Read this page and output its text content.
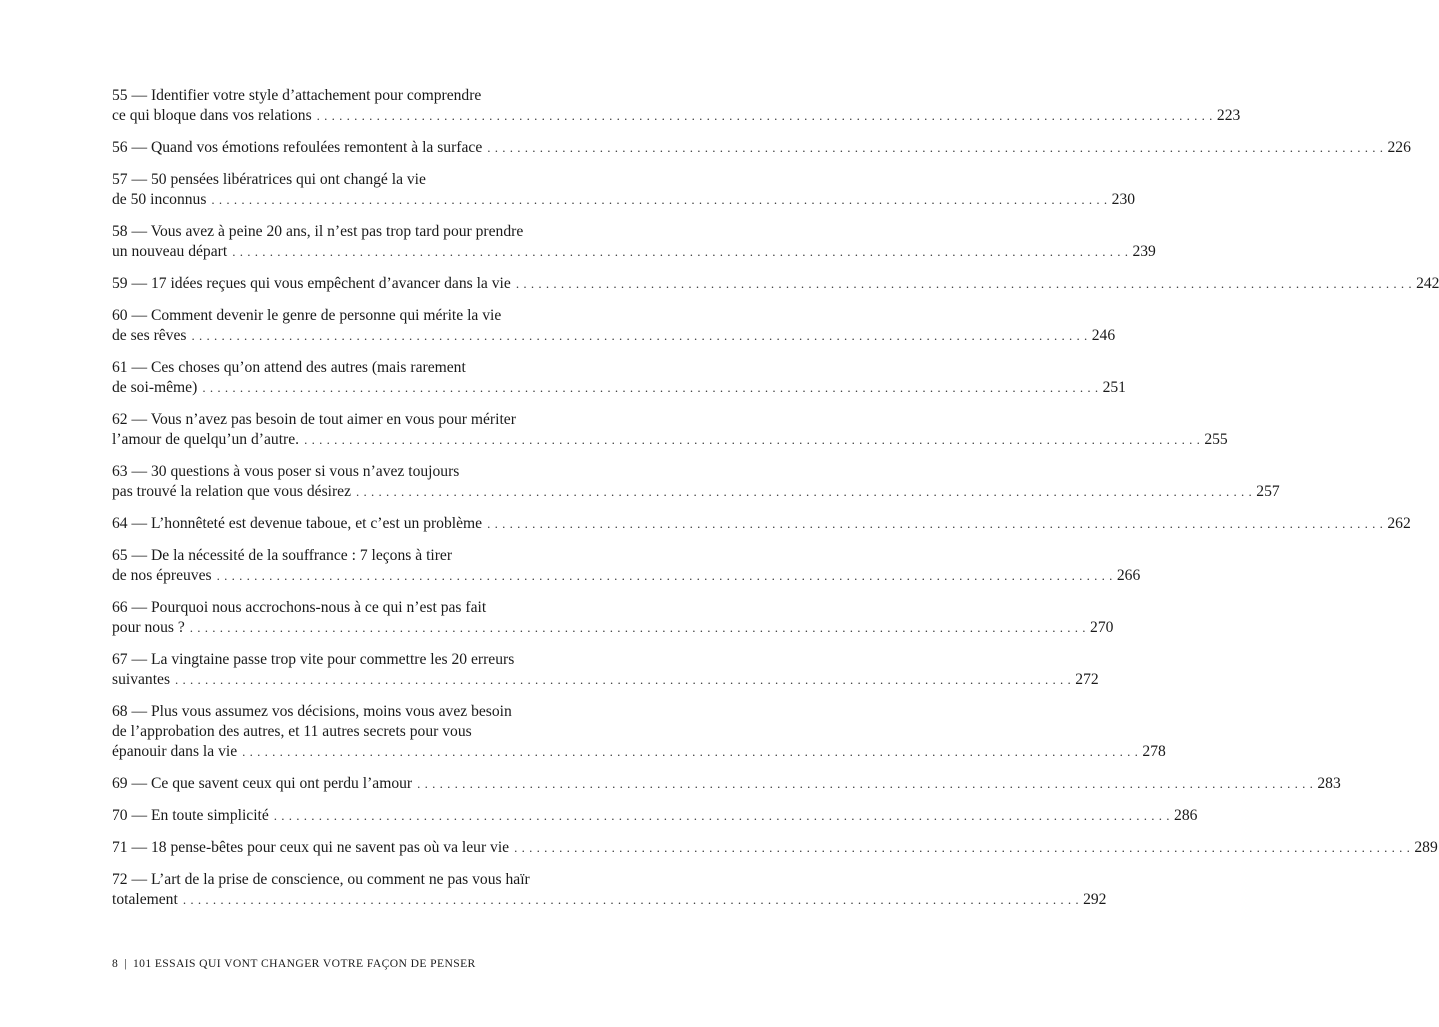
55 — Identifier votre style d’attachement pour comprendre
ce qui bloque dans vos relations . . . . . . . . . . . . . . . . . . . . . . . . . . . . . . . . . . . . . . . . . . . . . . . . . . . . . . . . . . . . . . . . . . . . . . . . . . . . . . . . . . . . . . . . . . . . . . . . . . . . . . . . . . . . . . . . . . . . . . . . 223
56 — Quand vos émotions refoulées remontent à la surface . . . . . . . . . . . . . . . . . . . . . . . . . . . . . . . . . . . . . . . . . . . . . . . . . . . . . . . . . . . . . . . . . . . . . . . . . . . . . . . . . . . . . . . . . . . . . . . . . . . . . . . . . . . . . . . . . . . . . . . . 226
57 — 50 pensées libératrices qui ont changé la vie
de 50 inconnus . . . . . . . . . . . . . . . . . . . . . . . . . . . . . . . . . . . . . . . . . . . . . . . . . . . . . . . . . . . . . . . . . . . . . . . . . . . . . . . . . . . . . . . . . . . . . . . . . . . . . . . . . . . . . . . . . . . . . . . . 230
58 — Vous avez à peine 20 ans, il n’est pas trop tard pour prendre
un nouveau départ . . . . . . . . . . . . . . . . . . . . . . . . . . . . . . . . . . . . . . . . . . . . . . . . . . . . . . . . . . . . . . . . . . . . . . . . . . . . . . . . . . . . . . . . . . . . . . . . . . . . . . . . . . . . . . . . . . . . . . . . 239
59 — 17 idées reçues qui vous empêchent d’avancer dans la vie . . . . . . . . . . . . . . . . . . . . . . . . . . . . . . . . . . . . . . . . . . . . . . . . . . . . . . . . . . . . . . . . . . . . . . . . . . . . . . . . . . . . . . . . . . . . . . . . . . . . . . . . . . . . . . . . . . . . . . . . 242
60 — Comment devenir le genre de personne qui mérite la vie
de ses rêves . . . . . . . . . . . . . . . . . . . . . . . . . . . . . . . . . . . . . . . . . . . . . . . . . . . . . . . . . . . . . . . . . . . . . . . . . . . . . . . . . . . . . . . . . . . . . . . . . . . . . . . . . . . . . . . . . . . . . . . . 246
61 — Ces choses qu’on attend des autres (mais rarement
de soi-même) . . . . . . . . . . . . . . . . . . . . . . . . . . . . . . . . . . . . . . . . . . . . . . . . . . . . . . . . . . . . . . . . . . . . . . . . . . . . . . . . . . . . . . . . . . . . . . . . . . . . . . . . . . . . . . . . . . . . . . . . 251
62 — Vous n’avez pas besoin de tout aimer en vous pour mériter
l’amour de quelqu’un d’autre. . . . . . . . . . . . . . . . . . . . . . . . . . . . . . . . . . . . . . . . . . . . . . . . . . . . . . . . . . . . . . . . . . . . . . . . . . . . . . . . . . . . . . . . . . . . . . . . . . . . . . . . . . . . . . . . . . . . . . . . . 255
63 — 30 questions à vous poser si vous n’avez toujours
pas trouvé la relation que vous désirez . . . . . . . . . . . . . . . . . . . . . . . . . . . . . . . . . . . . . . . . . . . . . . . . . . . . . . . . . . . . . . . . . . . . . . . . . . . . . . . . . . . . . . . . . . . . . . . . . . . . . . . . . . . . . . . . . . . . . . . . 257
64 — L’honnêteté est devenue taboue, et c’est un problème . . . . . . . . . . . . . . . . . . . . . . . . . . . . . . . . . . . . . . . . . . . . . . . . . . . . . . . . . . . . . . . . . . . . . . . . . . . . . . . . . . . . . . . . . . . . . . . . . . . . . . . . . . . . . . . . . . . . . . . . 262
65 — De la nécessité de la souffrance : 7 leçons à tirer
de nos épreuves . . . . . . . . . . . . . . . . . . . . . . . . . . . . . . . . . . . . . . . . . . . . . . . . . . . . . . . . . . . . . . . . . . . . . . . . . . . . . . . . . . . . . . . . . . . . . . . . . . . . . . . . . . . . . . . . . . . . . . . . 266
66 — Pourquoi nous accrochons-nous à ce qui n’est pas fait
pour nous ? . . . . . . . . . . . . . . . . . . . . . . . . . . . . . . . . . . . . . . . . . . . . . . . . . . . . . . . . . . . . . . . . . . . . . . . . . . . . . . . . . . . . . . . . . . . . . . . . . . . . . . . . . . . . . . . . . . . . . . . . 270
67 — La vingtaine passe trop vite pour commettre les 20 erreurs
suivantes . . . . . . . . . . . . . . . . . . . . . . . . . . . . . . . . . . . . . . . . . . . . . . . . . . . . . . . . . . . . . . . . . . . . . . . . . . . . . . . . . . . . . . . . . . . . . . . . . . . . . . . . . . . . . . . . . . . . . . . . 272
68 — Plus vous assumez vos décisions, moins vous avez besoin
de l’approbation des autres, et 11 autres secrets pour vous
épanouir dans la vie . . . . . . . . . . . . . . . . . . . . . . . . . . . . . . . . . . . . . . . . . . . . . . . . . . . . . . . . . . . . . . . . . . . . . . . . . . . . . . . . . . . . . . . . . . . . . . . . . . . . . . . . . . . . . . . . . . . . . . . . 278
69 — Ce que savent ceux qui ont perdu l’amour . . . . . . . . . . . . . . . . . . . . . . . . . . . . . . . . . . . . . . . . . . . . . . . . . . . . . . . . . . . . . . . . . . . . . . . . . . . . . . . . . . . . . . . . . . . . . . . . . . . . . . . . . . . . . . . . . . . . . . . . 283
70 — En toute simplicité . . . . . . . . . . . . . . . . . . . . . . . . . . . . . . . . . . . . . . . . . . . . . . . . . . . . . . . . . . . . . . . . . . . . . . . . . . . . . . . . . . . . . . . . . . . . . . . . . . . . . . . . . . . . . . . . . . . . . . . . 286
71 — 18 pense-bêtes pour ceux qui ne savent pas où va leur vie . . . . . . . . . . . . . . . . . . . . . . . . . . . . . . . . . . . . . . . . . . . . . . . . . . . . . . . . . . . . . . . . . . . . . . . . . . . . . . . . . . . . . . . . . . . . . . . . . . . . . . . . . . . . . . . . . . . . . . . . 289
72 — L’art de la prise de conscience, ou comment ne pas vous haïr
totalement . . . . . . . . . . . . . . . . . . . . . . . . . . . . . . . . . . . . . . . . . . . . . . . . . . . . . . . . . . . . . . . . . . . . . . . . . . . . . . . . . . . . . . . . . . . . . . . . . . . . . . . . . . . . . . . . . . . . . . . . 292
8 | 101 ESSAIS QUI VONT CHANGER VOTRE FAÇON DE PENSER
